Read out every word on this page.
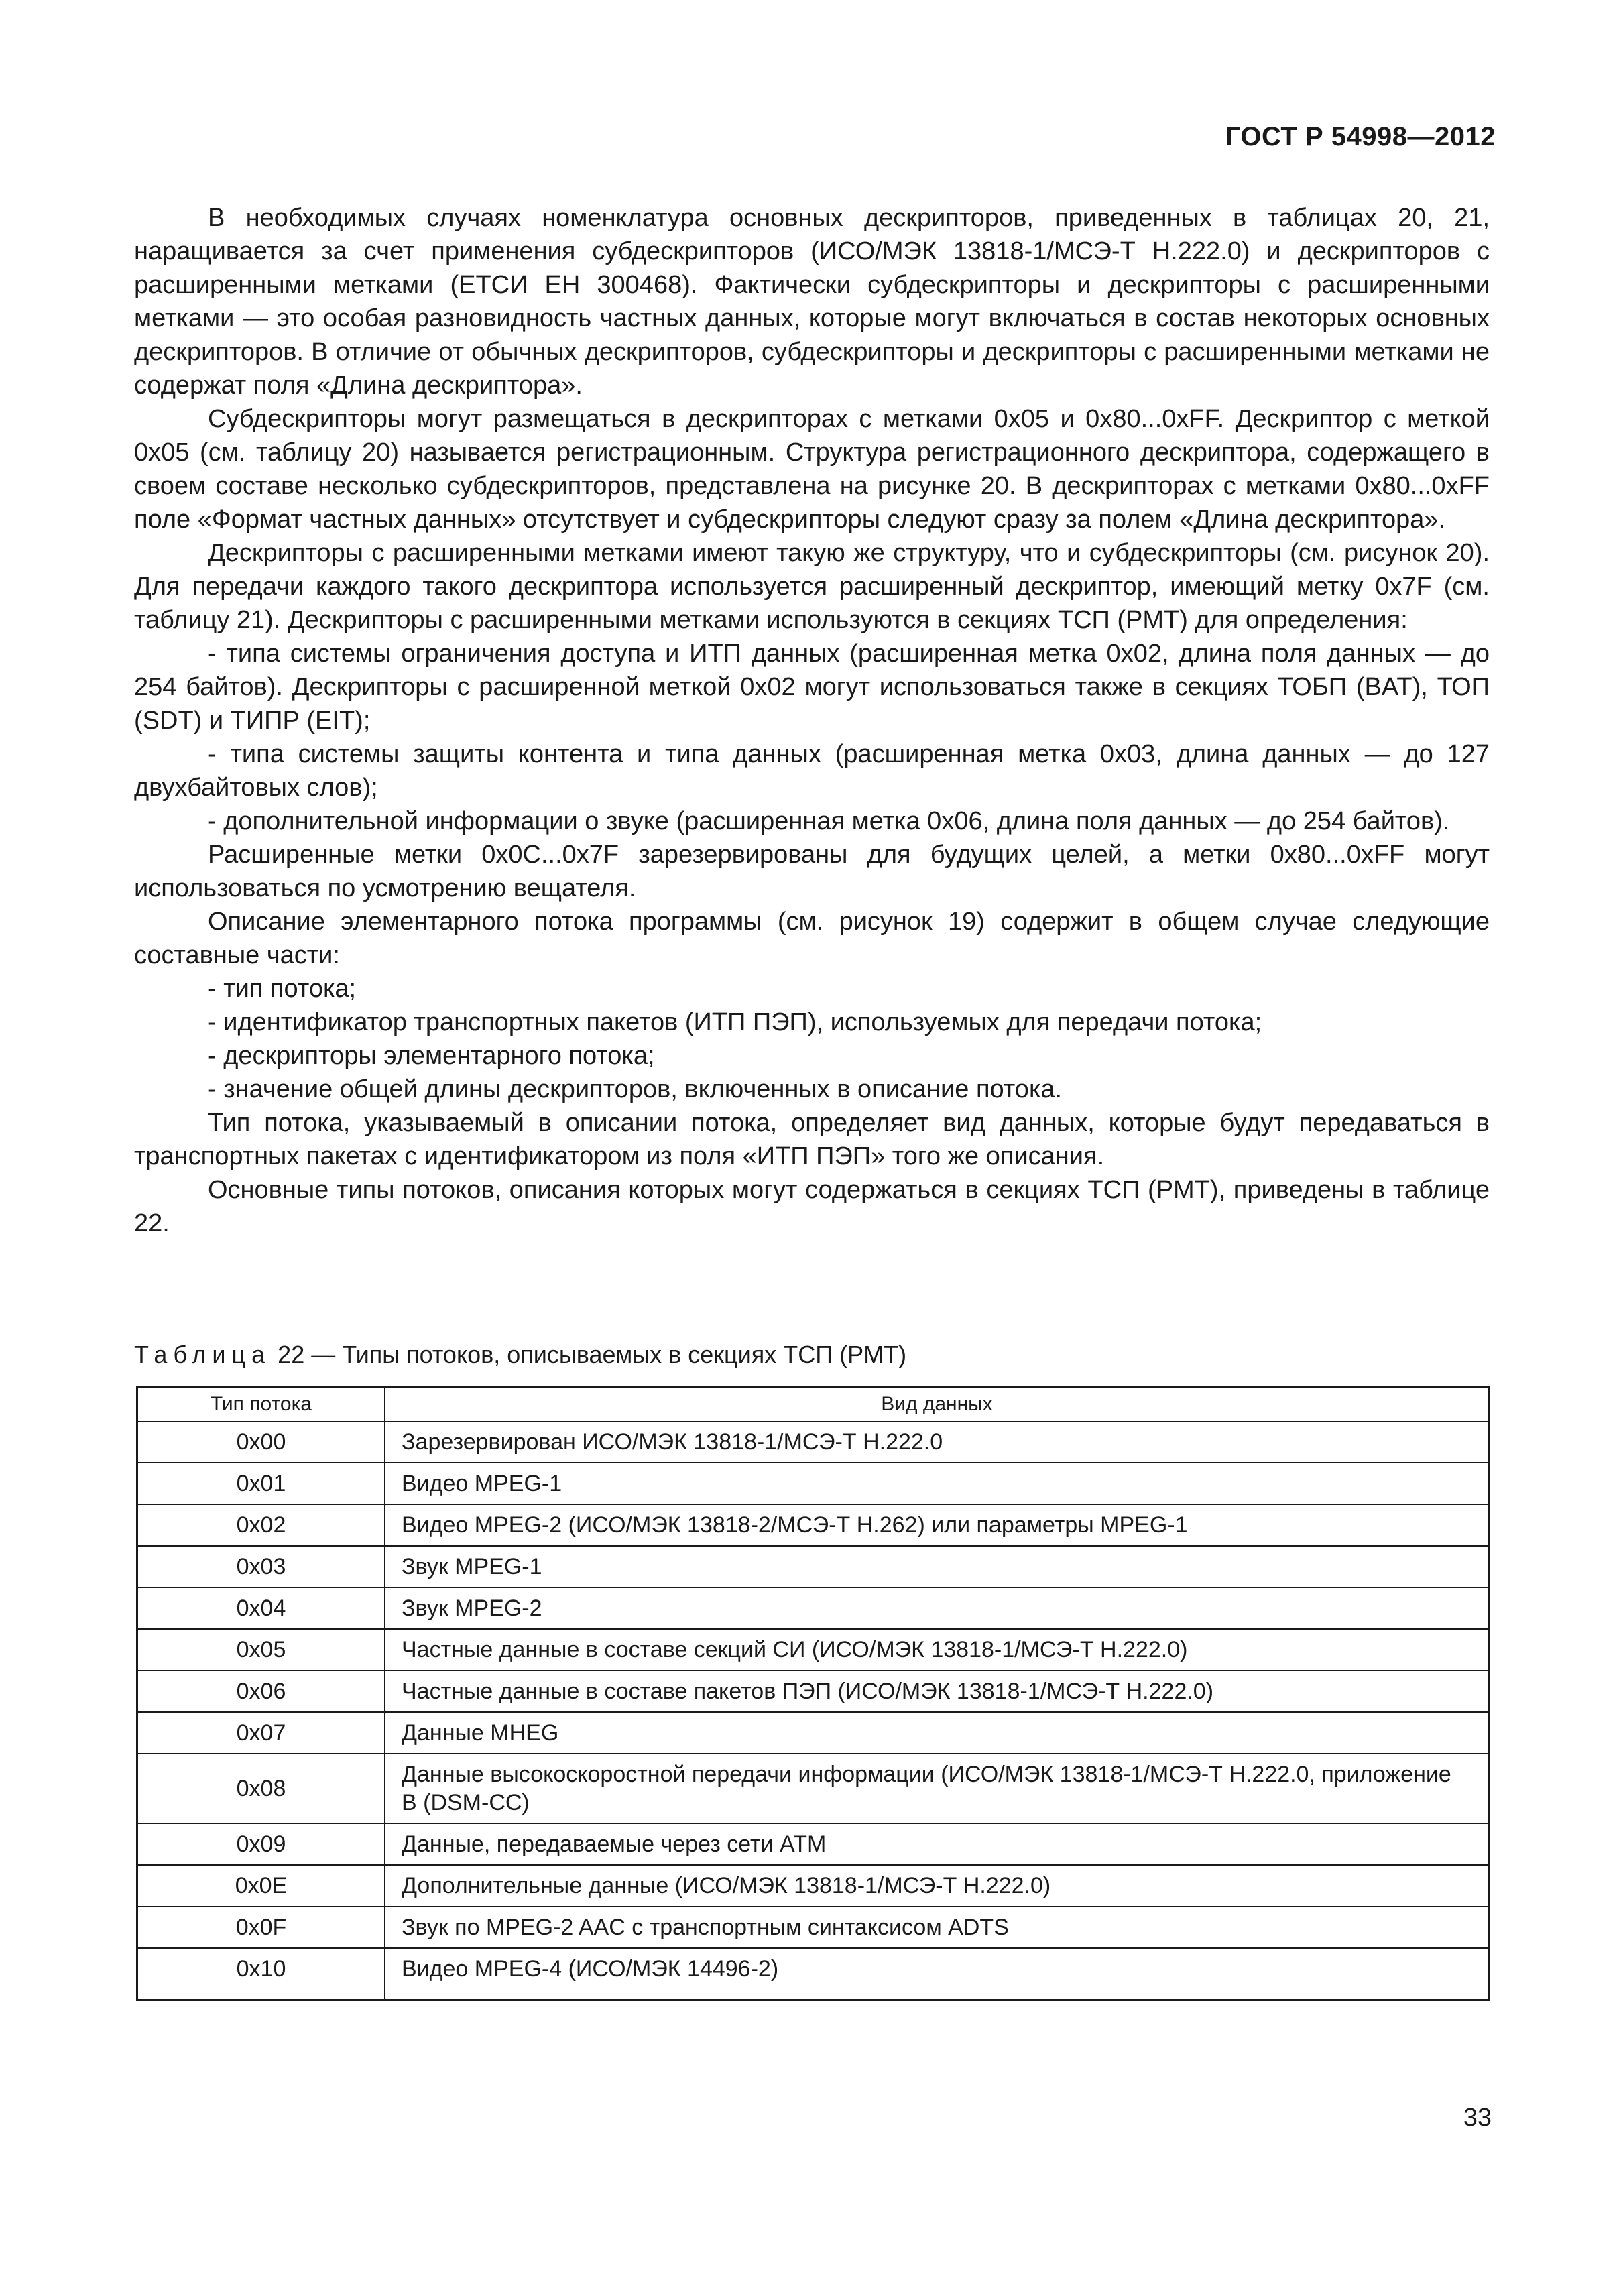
ГОСТ Р 54998—2012

В необходимых случаях номенклатура основных дескрипторов, приведенных в таблицах 20, 21, наращивается за счет применения субдескрипторов (ИСО/МЭК 13818-1/МСЭ-Т H.222.0) и дескрипторов с расширенными метками (ЕТСИ ЕН 300468). Фактически субдескрипторы и дескрипторы с расширенными метками — это особая разновидность частных данных, которые могут включаться в состав некоторых основных дескрипторов. В отличие от обычных дескрипторов, субдескрипторы и дескрипторы с расширенными метками не содержат поля «Длина дескриптора».

Субдескрипторы могут размещаться в дескрипторах с метками 0x05 и 0x80...0xFF. Дескриптор с меткой 0x05 (см. таблицу 20) называется регистрационным. Структура регистрационного дескриптора, содержащего в своем составе несколько субдескрипторов, представлена на рисунке 20. В дескрипторах с метками 0x80...0xFF поле «Формат частных данных» отсутствует и субдескрипторы следуют сразу за полем «Длина дескриптора».

Дескрипторы с расширенными метками имеют такую же структуру, что и субдескрипторы (см. рисунок 20). Для передачи каждого такого дескриптора используется расширенный дескриптор, имеющий метку 0x7F (см. таблицу 21). Дескрипторы с расширенными метками используются в секциях ТСП (PMT) для определения:

- типа системы ограничения доступа и ИТП данных (расширенная метка 0x02, длина поля данных — до 254 байтов). Дескрипторы с расширенной меткой 0x02 могут использоваться также в секциях ТОБП (BAT), ТОП (SDT) и ТИПР (EIT);

- типа системы защиты контента и типа данных (расширенная метка 0x03, длина данных — до 127 двухбайтовых слов);

- дополнительной информации о звуке (расширенная метка 0x06, длина поля данных — до 254 байтов).

Расширенные метки 0x0C...0x7F зарезервированы для будущих целей, а метки 0x80...0xFF могут использоваться по усмотрению вещателя.

Описание элементарного потока программы (см. рисунок 19) содержит в общем случае следующие составные части:

- тип потока;

- идентификатор транспортных пакетов (ИТП ПЭП), используемых для передачи потока;

- дескрипторы элементарного потока;

- значение общей длины дескрипторов, включенных в описание потока.

Тип потока, указываемый в описании потока, определяет вид данных, которые будут передаваться в транспортных пакетах с идентификатором из поля «ИТП ПЭП» того же описания.

Основные типы потоков, описания которых могут содержаться в секциях ТСП (PMT), приведены в таблице 22.

Таблица 22 — Типы потоков, описываемых в секциях ТСП (PMT)
Тип потока	Вид данных
0x00	Зарезервирован ИСО/МЭК 13818-1/МСЭ-Т H.222.0
0x01	Видео MPEG-1
0x02	Видео MPEG-2 (ИСО/МЭК 13818-2/МСЭ-Т H.262) или параметры MPEG-1
0x03	Звук MPEG-1
0x04	Звук MPEG-2
0x05	Частные данные в составе секций СИ (ИСО/МЭК 13818-1/МСЭ-Т H.222.0)
0x06	Частные данные в составе пакетов ПЭП (ИСО/МЭК 13818-1/МСЭ-Т H.222.0)
0x07	Данные MHEG
0x08	Данные высокоскоростной передачи информации (ИСО/МЭК 13818-1/МСЭ-Т H.222.0, приложение B (DSM-CC)
0x09	Данные, передаваемые через сети ATM
0x0E	Дополнительные данные (ИСО/МЭК 13818-1/МСЭ-Т H.222.0)
0x0F	Звук по MPEG-2 AAC с транспортным синтаксисом ADTS
0x10	Видео MPEG-4 (ИСО/МЭК 14496-2)
33
